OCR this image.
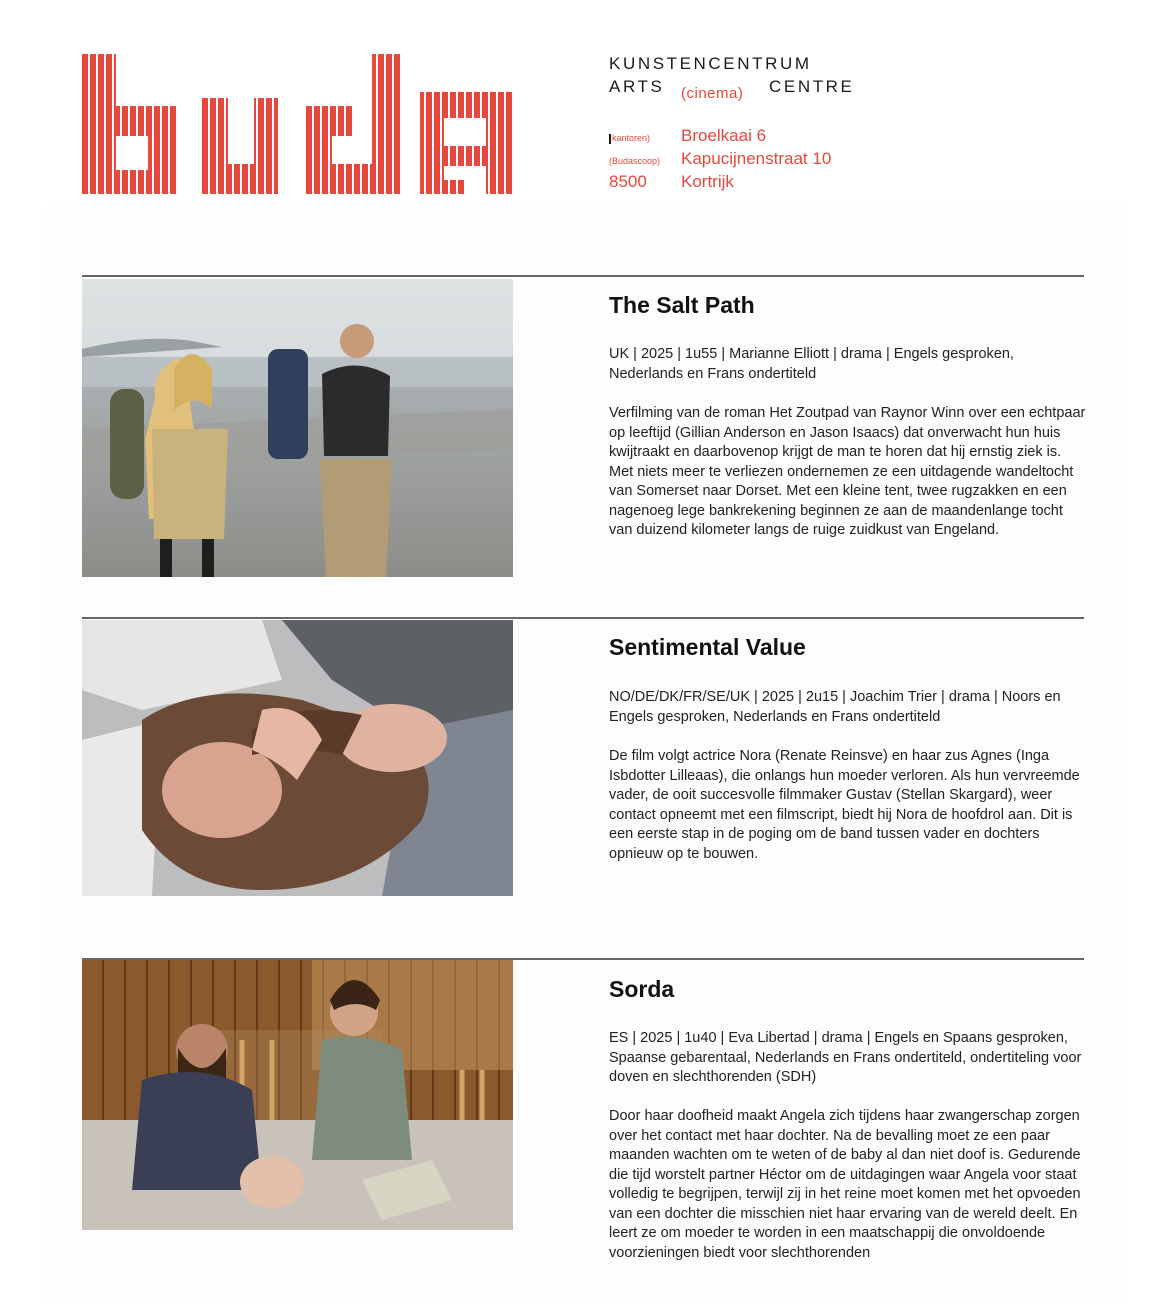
KUNSTENCENTRUM
ARTS (cinema) CENTRE
kantoren)	Broelkaai 6
(Budascoop)	Kapucijnenstraat 10
8500	Kortrijk
The Salt Path
UK | 2025 | 1u55 | Marianne Elliott | drama | Engels gesproken, Nederlands en Frans ondertiteld
Verfilming van de roman Het Zoutpad van Raynor Winn over een echtpaar op leeftijd (Gillian Anderson en Jason Isaacs) dat onverwacht hun huis kwijtraakt en daarbovenop krijgt de man te horen dat hij ernstig ziek is. Met niets meer te verliezen ondernemen ze een uitdagende wandeltocht van Somerset naar Dorset. Met een kleine tent, twee rugzakken en een nagenoeg lege bankrekening beginnen ze aan de maandenlange tocht van duizend kilometer langs de ruige zuidkust van Engeland.
Sentimental Value
NO/DE/DK/FR/SE/UK | 2025 | 2u15 | Joachim Trier | drama | Noors en Engels gesproken, Nederlands en Frans ondertiteld
De film volgt actrice Nora (Renate Reinsve) en haar zus Agnes (Inga Isbdotter Lilleaas), die onlangs hun moeder verloren. Als hun vervreemde vader, de ooit succesvolle filmmaker Gustav (Stellan Skargard), weer contact opneemt met een filmscript, biedt hij Nora de hoofdrol aan. Dit is een eerste stap in de poging om de band tussen vader en dochters opnieuw op te bouwen.
Sorda
ES | 2025 | 1u40 | Eva Libertad | drama | Engels en Spaans gesproken, Spaanse gebarentaal, Nederlands en Frans ondertiteld, ondertiteling voor doven en slechthorenden (SDH)
Door haar doofheid maakt Angela zich tijdens haar zwangerschap zorgen over het contact met haar dochter. Na de bevalling moet ze een paar maanden wachten om te weten of de baby al dan niet doof is. Gedurende die tijd worstelt partner Héctor om de uitdagingen waar Angela voor staat volledig te begrijpen, terwijl zij in het reine moet komen met het opvoeden van een dochter die misschien niet haar ervaring van de wereld deelt. En leert ze om moeder te worden in een maatschappij die onvoldoende voorzieningen biedt voor slechthorenden
